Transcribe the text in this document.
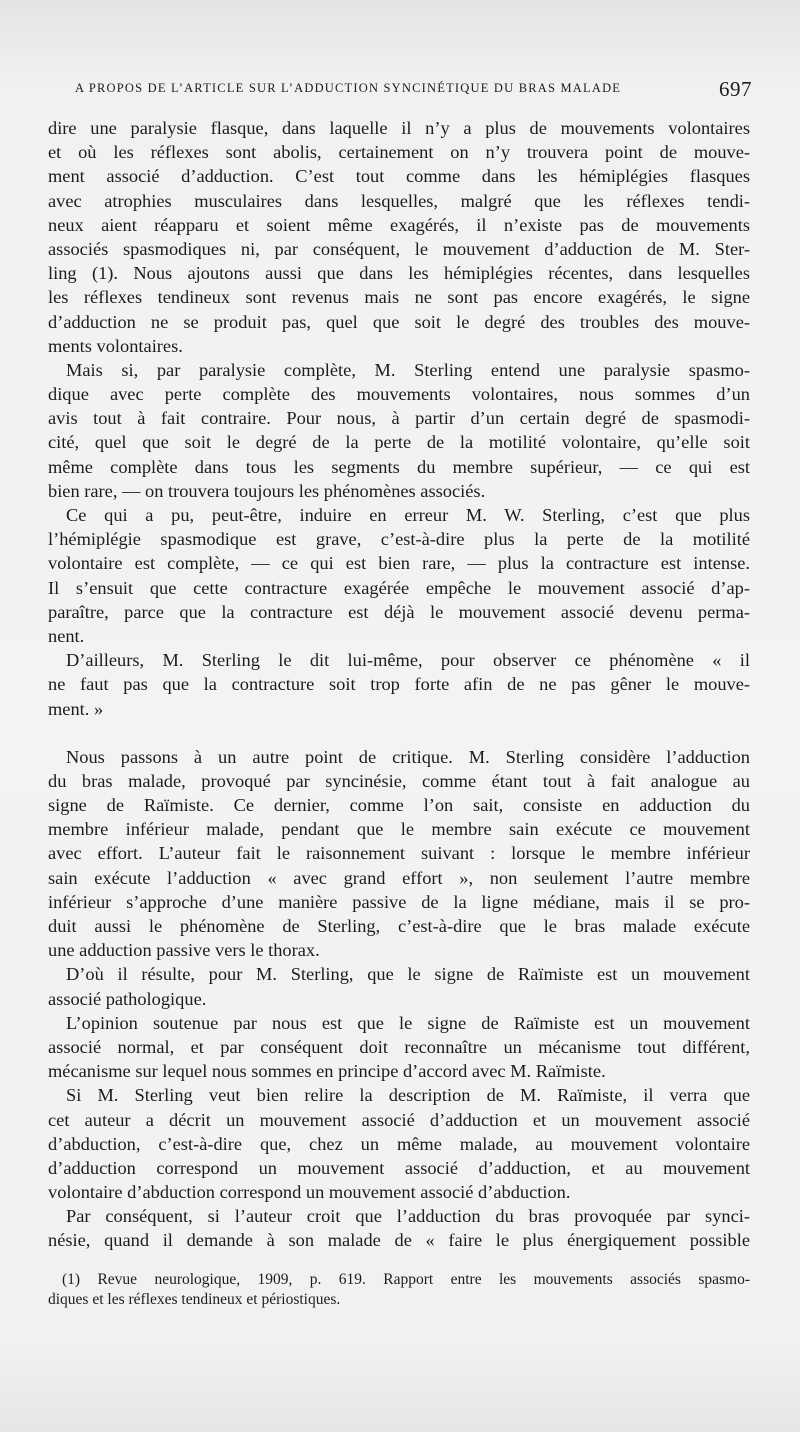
A PROPOS DE L’ARTICLE SUR L’ADDUCTION SYNCINÉTIQUE DU BRAS MALADE	697
dire une paralysie flasque, dans laquelle il n’y a plus de mouvements volontaires
et où les réflexes sont abolis, certainement on n’y trouvera point de mouve-
ment associé d’adduction. C’est tout comme dans les hémiplégies flasques
avec atrophies musculaires dans lesquelles, malgré que les réflexes tendi-
neux aient réapparu et soient même exagérés, il n’existe pas de mouvements
associés spasmodiques ni, par conséquent, le mouvement d’adduction de M. Ster-
ling (1). Nous ajoutons aussi que dans les hémiplégies récentes, dans lesquelles
les réflexes tendineux sont revenus mais ne sont pas encore exagérés, le signe
d’adduction ne se produit pas, quel que soit le degré des troubles des mouve-
ments volontaires.
Mais si, par paralysie complète, M. Sterling entend une paralysie spasmo-
dique avec perte complète des mouvements volontaires, nous sommes d’un
avis tout à fait contraire. Pour nous, à partir d’un certain degré de spasmodi-
cité, quel que soit le degré de la perte de la motilité volontaire, qu’elle soit
même complète dans tous les segments du membre supérieur, — ce qui est
bien rare, — on trouvera toujours les phénomènes associés.
Ce qui a pu, peut-être, induire en erreur M. W. Sterling, c’est que plus
l’hémiplégie spasmodique est grave, c’est-à-dire plus la perte de la motilité
volontaire est complète, — ce qui est bien rare, — plus la contracture est intense.
Il s’ensuit que cette contracture exagérée empêche le mouvement associé d’ap-
paraître, parce que la contracture est déjà le mouvement associé devenu perma-
nent.
D’ailleurs, M. Sterling le dit lui-même, pour observer ce phénomène « il
ne faut pas que la contracture soit trop forte afin de ne pas gêner le mouve-
ment. »
Nous passons à un autre point de critique. M. Sterling considère l’adduction
du bras malade, provoqué par syncinésie, comme étant tout à fait analogue au
signe de Raïmiste. Ce dernier, comme l’on sait, consiste en adduction du
membre inférieur malade, pendant que le membre sain exécute ce mouvement
avec effort. L’auteur fait le raisonnement suivant : lorsque le membre inférieur
sain exécute l’adduction « avec grand effort », non seulement l’autre membre
inférieur s’approche d’une manière passive de la ligne médiane, mais il se pro-
duit aussi le phénomène de Sterling, c’est-à-dire que le bras malade exécute
une adduction passive vers le thorax.
D’où il résulte, pour M. Sterling, que le signe de Raïmiste est un mouvement
associé pathologique.
L’opinion soutenue par nous est que le signe de Raïmiste est un mouvement
associé normal, et par conséquent doit reconnaître un mécanisme tout différent,
mécanisme sur lequel nous sommes en principe d’accord avec M. Raïmiste.
Si M. Sterling veut bien relire la description de M. Raïmiste, il verra que
cet auteur a décrit un mouvement associé d’adduction et un mouvement associé
d’abduction, c’est-à-dire que, chez un même malade, au mouvement volontaire
d’adduction correspond un mouvement associé d’adduction, et au mouvement
volontaire d’abduction correspond un mouvement associé d’abduction.
Par conséquent, si l’auteur croit que l’adduction du bras provoquée par synci-
nésie, quand il demande à son malade de « faire le plus énergiquement possible
(1) Revue neurologique, 1909, p. 619. Rapport entre les mouvements associés spasmo-
diques et les réflexes tendineux et périostiques.
